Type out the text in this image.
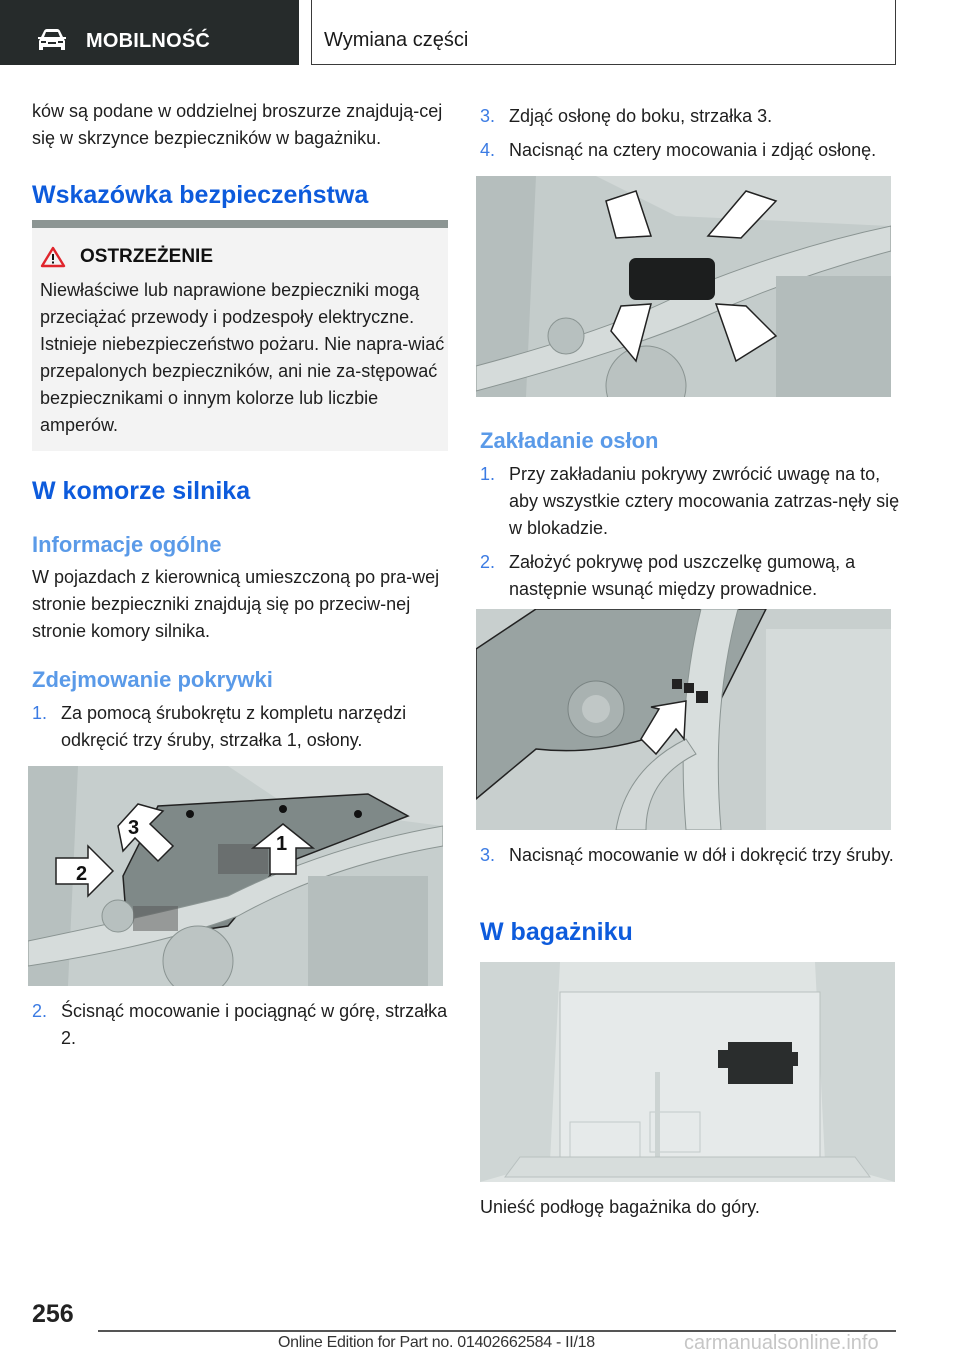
MOBILNOŚĆ	Wymiana części
ków są podane w oddzielnej broszurze znajdują-cej się w skrzynce bezpieczników w bagażniku.
Wskazówka bezpieczeństwa
OSTRZEŻENIE
Niewłaściwe lub naprawione bezpieczniki mogą przeciążać przewody i podzespoły elektryczne. Istnieje niebezpieczeństwo pożaru. Nie napra-wiać przepalonych bezpieczników, ani nie za-stępować bezpiecznikami o innym kolorze lub liczbie amperów.
W komorze silnika
Informacje ogólne
W pojazdach z kierownicą umieszczoną po pra-wej stronie bezpieczniki znajdują się po przeciw-nej stronie komory silnika.
Zdejmowanie pokrywki
1. Za pomocą śrubokrętu z kompletu narzędzi odkręcić trzy śruby, strzałka 1, osłony.
1
2
3
2. Ścisnąć mocowanie i pociągnąć w górę, strzałka 2.
3. Zdjąć osłonę do boku, strzałka 3.
4. Nacisnąć na cztery mocowania i zdjąć osłonę.
Zakładanie osłon
1. Przy zakładaniu pokrywy zwrócić uwagę na to, aby wszystkie cztery mocowania zatrzas-nęły się w blokadzie.
2. Założyć pokrywę pod uszczelkę gumową, a następnie wsunąć między prowadnice.
3. Nacisnąć mocowanie w dół i dokręcić trzy śruby.
W bagażniku
Unieść podłogę bagażnika do góry.
256
Online Edition for Part no. 01402662584 - II/18	carmanualsonline.info
